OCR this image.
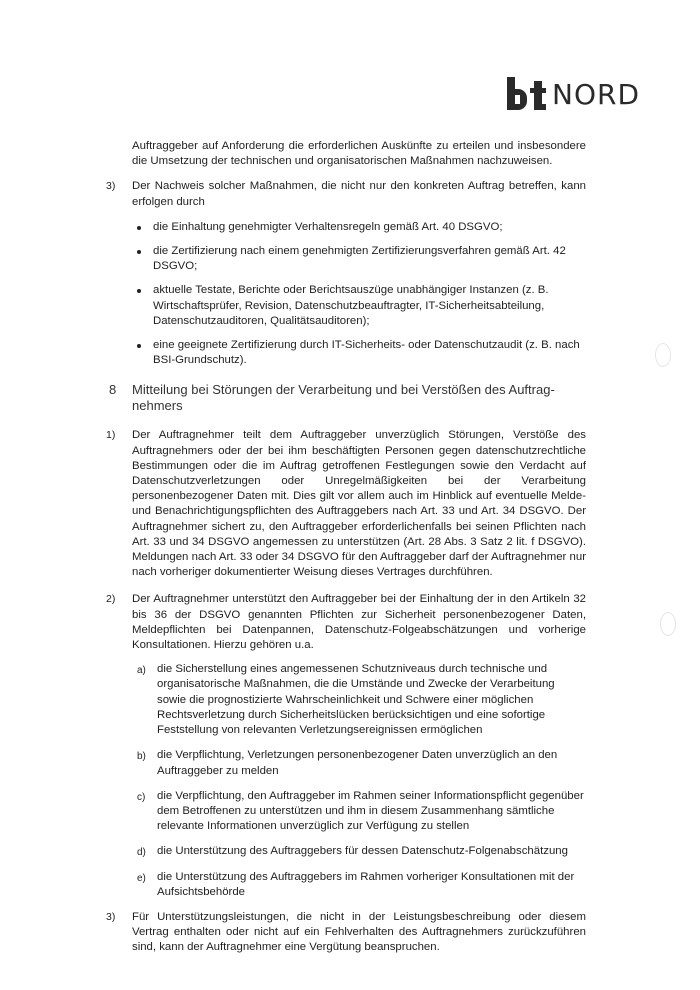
NORD

Auftraggeber auf Anforderung die erforderlichen Auskünfte zu erteilen und insbesondere die Umsetzung der technischen und organisatorischen Maßnahmen nachzuweisen.

3) Der Nachweis solcher Maßnahmen, die nicht nur den konkreten Auftrag betreffen, kann erfolgen durch

die Einhaltung genehmigter Verhaltensregeln gemäß Art. 40 DSGVO;
die Zertifizierung nach einem genehmigten Zertifizierungsverfahren gemäß Art. 42 DSGVO;
aktuelle Testate, Berichte oder Berichtsauszüge unabhängiger Instanzen (z. B. Wirtschaftsprüfer, Revision, Datenschutzbeauftragter, IT-Sicherheitsabteilung, Datenschutzauditoren, Qualitätsauditoren);
eine geeignete Zertifizierung durch IT-Sicherheits- oder Datenschutzaudit (z. B. nach BSI-Grundschutz).
8 Mitteilung bei Störungen der Verarbeitung und bei Verstößen des Auftragnehmers
1) Der Auftragnehmer teilt dem Auftraggeber unverzüglich Störungen, Verstöße des Auftragnehmers oder der bei ihm beschäftigten Personen gegen datenschutzrechtliche Bestimmungen oder die im Auftrag getroffenen Festlegungen sowie den Verdacht auf Datenschutzverletzungen oder Unregelmäßigkeiten bei der Verarbeitung personenbezogener Daten mit. Dies gilt vor allem auch im Hinblick auf eventuelle Melde- und Benachrichtigungspflichten des Auftraggebers nach Art. 33 und Art. 34 DSGVO. Der Auftragnehmer sichert zu, den Auftraggeber erforderlichenfalls bei seinen Pflichten nach Art. 33 und 34 DSGVO angemessen zu unterstützen (Art. 28 Abs. 3 Satz 2 lit. f DSGVO). Meldungen nach Art. 33 oder 34 DSGVO für den Auftraggeber darf der Auftragnehmer nur nach vorheriger dokumentierter Weisung dieses Vertrages durchführen.

2) Der Auftragnehmer unterstützt den Auftraggeber bei der Einhaltung der in den Artikeln 32 bis 36 der DSGVO genannten Pflichten zur Sicherheit personenbezogener Daten, Meldepflichten bei Datenpannen, Datenschutz-Folgeabschätzungen und vorherige Konsultationen. Hierzu gehören u.a.

a) die Sicherstellung eines angemessenen Schutzniveaus durch technische und organisatorische Maßnahmen, die die Umstände und Zwecke der Verarbeitung sowie die prognostizierte Wahrscheinlichkeit und Schwere einer möglichen Rechtsverletzung durch Sicherheitslücken berücksichtigen und eine sofortige Feststellung von relevanten Verletzungsereignissen ermöglichen
b) die Verpflichtung, Verletzungen personenbezogener Daten unverzüglich an den Auftraggeber zu melden
c) die Verpflichtung, den Auftraggeber im Rahmen seiner Informationspflicht gegenüber dem Betroffenen zu unterstützen und ihm in diesem Zusammenhang sämtliche relevante Informationen unverzüglich zur Verfügung zu stellen
d) die Unterstützung des Auftraggebers für dessen Datenschutz-Folgenabschätzung
e) die Unterstützung des Auftraggebers im Rahmen vorheriger Konsultationen mit der Aufsichtsbehörde
3) Für Unterstützungsleistungen, die nicht in der Leistungsbeschreibung oder diesem Vertrag enthalten oder nicht auf ein Fehlverhalten des Auftragnehmers zurückzuführen sind, kann der Auftragnehmer eine Vergütung beanspruchen.
